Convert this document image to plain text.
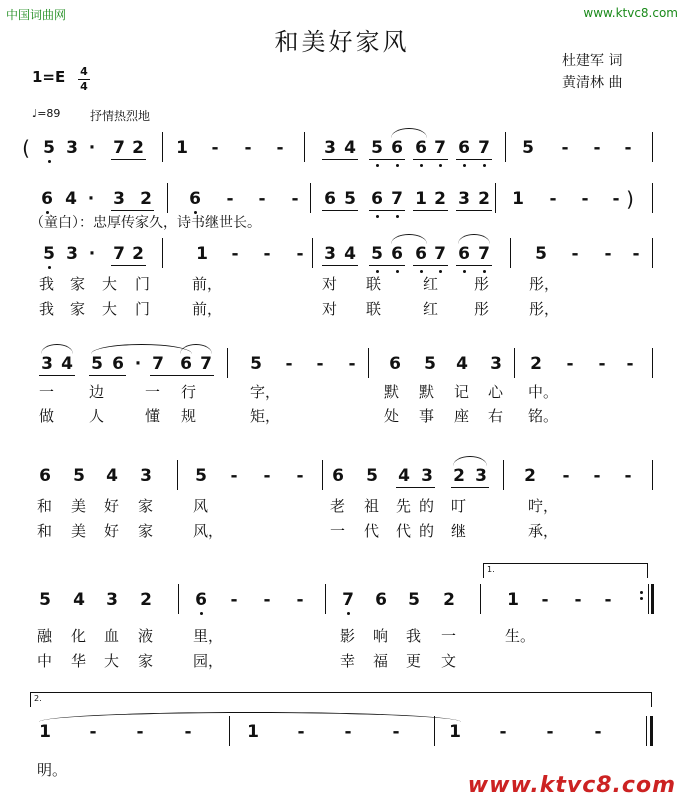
中国词曲网	www.ktvc8.com
和美好家风
杜建军 词
黄清林 曲
1=E 4
4
♩=89 抒情热烈地
（童白）：忠厚传家久，诗书继世长。
( 5 3 ·	7 2 1	-	-	-	3 4 5 6 6 7 6 7 5	-	-	-
6 4 ·	3 2 6	-	-	-	6 5 6 7 1 2 3 2 1	-	-	- )
5 3 ·	7 2	1	-	-	-	3 4 5 6 6 7 6 7	5	-	-	-
3 4 5 6 · 7 6 7 5	-	-	-	6 5 4 3 2	-	-	-
6 5 4 3	5	-	-	-	6 5 4 3 2 3 2	-	-	-
5 4 3 2	6	-	-	-	7 6 5 2	1	-	-	-
1	-	-	-	1	-	-	-	1	-	-	-
1.
2.
我 家 大 门	前，	对 联	红 彤	彤，
我 家 大 门	前，	对 联	红 彤	彤，
一 边	一 行	字，	默 默 记 心 中。
做 人	懂 规	矩，	处 事 座 右 铭。
和 美 好 家	风	老 祖 先 的 叮	咛，
和 美 好 家	风，	一 代 代 的 继	承，
融 化 血 液	里，	影 响 我 一	生。
中 华 大 家	园，	幸 福 更 文
明。
www.ktvc8.com
